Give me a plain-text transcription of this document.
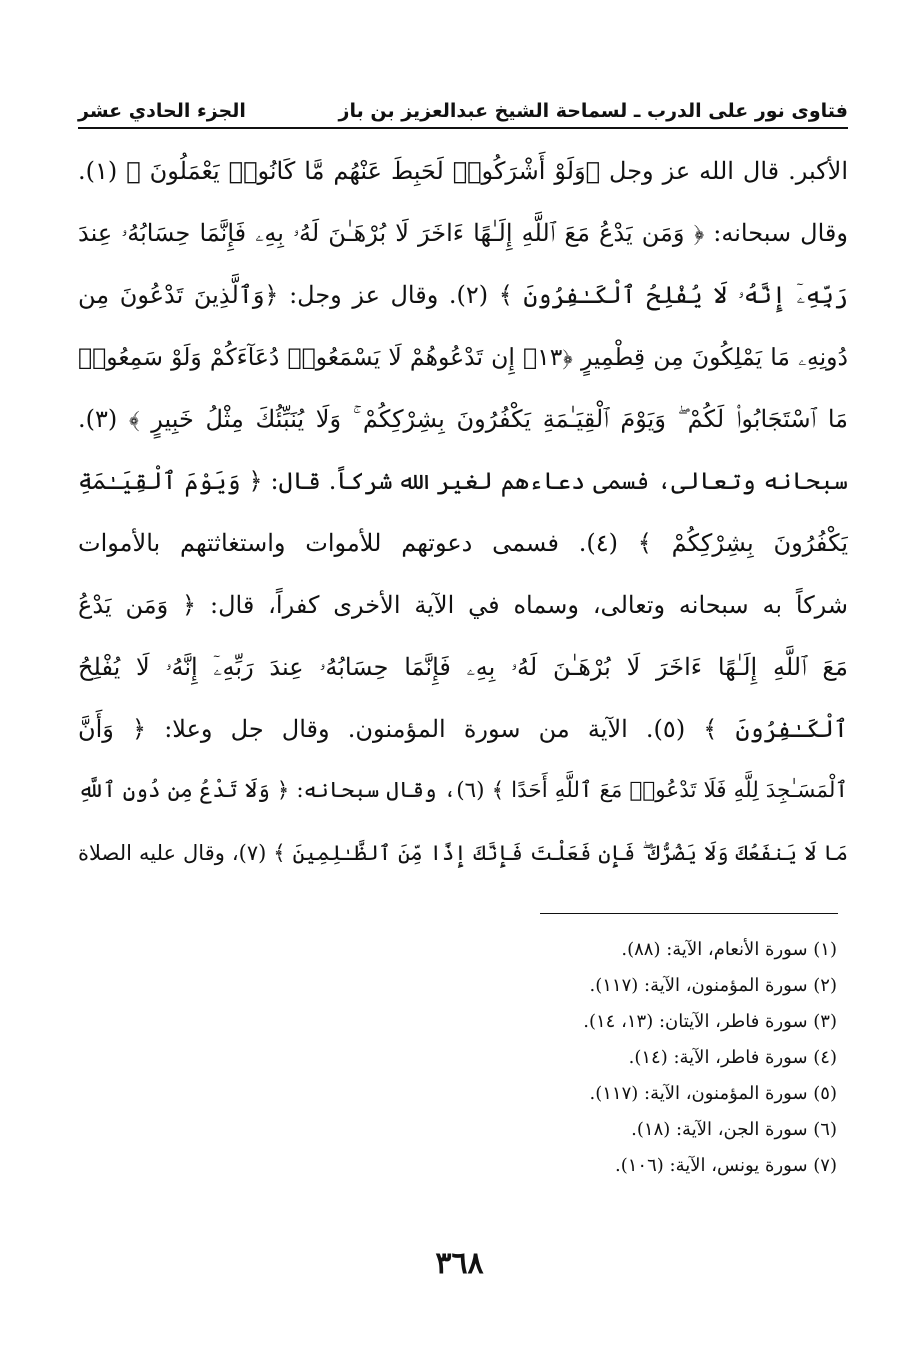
فتاوى نور على الدرب ـ لسماحة الشيخ عبدالعزيز بن باز
الجزء الحادي عشر
الأكبر. قال الله عز وجل ﴿وَلَوْ أَشْرَكُوا۟ لَحَبِطَ عَنْهُم مَّا كَانُوا۟ يَعْمَلُونَ ﴾ (١).
وقال سبحانه: ﴿ وَمَن يَدْعُ مَعَ ٱللَّهِ إِلَـٰهًا ءَاخَرَ لَا بُرْهَـٰنَ لَهُۥ بِهِۦ فَإِنَّمَا حِسَابُهُۥ عِندَ
رَبِّهِۦٓ إِنَّهُۥ لَا يُفْلِحُ ٱلْكَـٰفِرُونَ ﴾ (٢). وقال عز وجل: ﴿وَٱلَّذِينَ تَدْعُونَ مِن
دُونِهِۦ مَا يَمْلِكُونَ مِن قِطْمِيرٍ ﴿١٣﴾ إِن تَدْعُوهُمْ لَا يَسْمَعُوا۟ دُعَآءَكُمْ وَلَوْ سَمِعُوا۟
مَا ٱسْتَجَابُوا۟ لَكُمْ ۖ وَيَوْمَ ٱلْقِيَـٰمَةِ يَكْفُرُونَ بِشِرْكِكُمْ ۚ وَلَا يُنَبِّئُكَ مِثْلُ خَبِيرٍ ﴾ (٣).
سبحانه وتعالى، فسمى دعاءهم لغير الله شركاً. قال: ﴿ وَيَوْمَ ٱلْقِيَـٰمَةِ
يَكْفُرُونَ بِشِرْكِكُمْ ﴾ (٤). فسمى دعوتهم للأموات واستغاثتهم بالأموات
شركاً به سبحانه وتعالى، وسماه في الآية الأخرى كفراً، قال: ﴿ وَمَن يَدْعُ
مَعَ ٱللَّهِ إِلَـٰهًا ءَاخَرَ لَا بُرْهَـٰنَ لَهُۥ بِهِۦ فَإِنَّمَا حِسَابُهُۥ عِندَ رَبِّهِۦٓ إِنَّهُۥ لَا يُفْلِحُ
ٱلْكَـٰفِرُونَ ﴾ (٥). الآية من سورة المؤمنون. وقال جل وعلا: ﴿ وَأَنَّ
ٱلْمَسَـٰجِدَ لِلَّهِ فَلَا تَدْعُوا۟ مَعَ ٱللَّهِ أَحَدًا ﴾ (٦)، وقال سبحانه: ﴿ وَلَا تَدْعُ مِن دُونِ ٱللَّهِ
مَا لَا يَنفَعُكَ وَلَا يَضُرُّكَ ۖ فَإِن فَعَلْتَ فَإِنَّكَ إِذًا مِّنَ ٱلظَّـٰلِمِينَ ﴾ (٧)، وقال عليه الصلاة
(١) سورة الأنعام، الآية: (٨٨).
(٢) سورة المؤمنون، الآية: (١١٧).
(٣) سورة فاطر، الآيتان: (١٣، ١٤).
(٤) سورة فاطر، الآية: (١٤).
(٥) سورة المؤمنون، الآية: (١١٧).
(٦) سورة الجن، الآية: (١٨).
(٧) سورة يونس، الآية: (١٠٦).
٣٦٨
